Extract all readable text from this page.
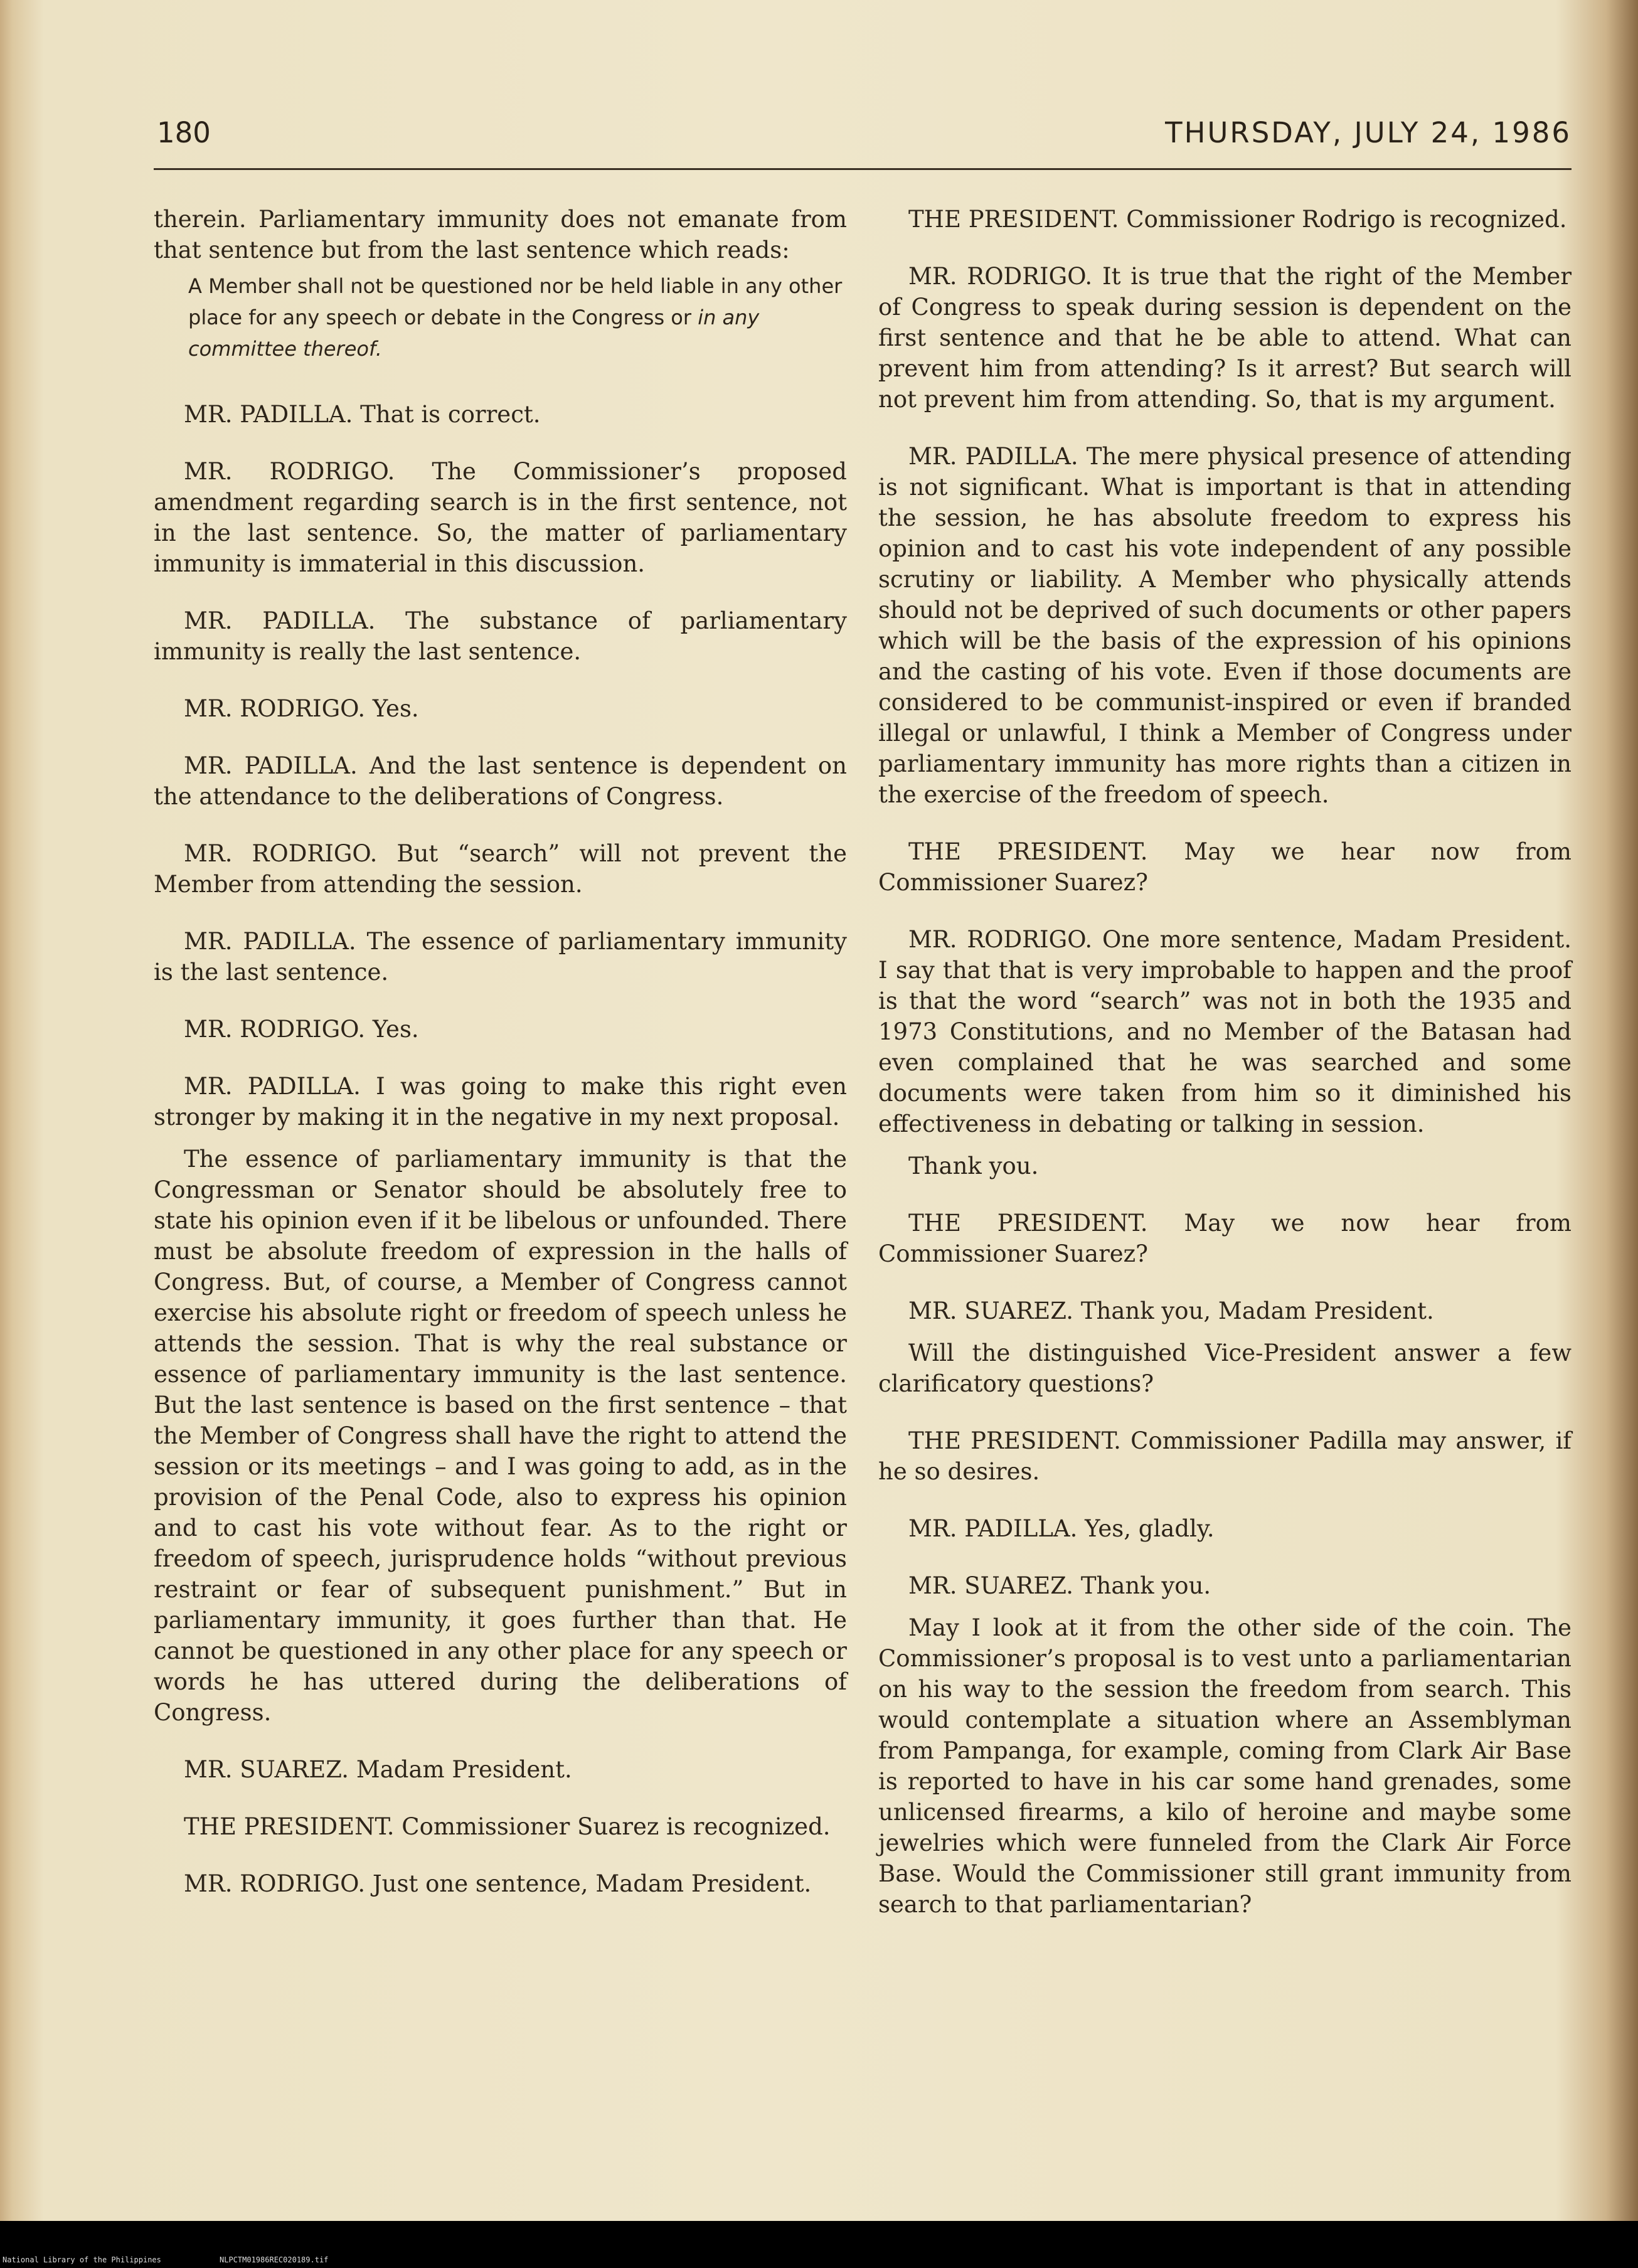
180	THURSDAY, JULY 24, 1986

therein. Parliamentary immunity does not emanate from that sentence but from the last sentence which reads:

A Member shall not be questioned nor be held liable in any other place for any speech or debate in the Congress or in any committee thereof.

MR. PADILLA. That is correct.

MR. RODRIGO. The Commissioner’s proposed amendment regarding search is in the first sentence, not in the last sentence. So, the matter of parliamentary immunity is immaterial in this discussion.

MR. PADILLA. The substance of parliamentary immunity is really the last sentence.

MR. RODRIGO. Yes.

MR. PADILLA. And the last sentence is dependent on the attendance to the deliberations of Congress.

MR. RODRIGO. But “search” will not prevent the Member from attending the session.

MR. PADILLA. The essence of parliamentary immunity is the last sentence.

MR. RODRIGO. Yes.

MR. PADILLA. I was going to make this right even stronger by making it in the negative in my next proposal.

The essence of parliamentary immunity is that the Congressman or Senator should be absolutely free to state his opinion even if it be libelous or unfounded. There must be absolute freedom of expression in the halls of Congress. But, of course, a Member of Congress cannot exercise his absolute right or freedom of speech unless he attends the session. That is why the real substance or essence of parliamentary immunity is the last sentence. But the last sentence is based on the first sentence – that the Member of Congress shall have the right to attend the session or its meetings – and I was going to add, as in the provision of the Penal Code, also to express his opinion and to cast his vote without fear. As to the right or freedom of speech, jurisprudence holds “without previous restraint or fear of subsequent punishment.” But in parliamentary immunity, it goes further than that. He cannot be questioned in any other place for any speech or words he has uttered during the deliberations of Congress.

MR. SUAREZ. Madam President.

THE PRESIDENT. Commissioner Suarez is recognized.

MR. RODRIGO. Just one sentence, Madam President.

THE PRESIDENT. Commissioner Rodrigo is recognized.

MR. RODRIGO. It is true that the right of the Member of Congress to speak during session is dependent on the first sentence and that he be able to attend. What can prevent him from attending? Is it arrest? But search will not prevent him from attending. So, that is my argument.

MR. PADILLA. The mere physical presence of attending is not significant. What is important is that in attending the session, he has absolute freedom to express his opinion and to cast his vote independent of any possible scrutiny or liability. A Member who physically attends should not be deprived of such documents or other papers which will be the basis of the expression of his opinions and the casting of his vote. Even if those documents are considered to be communist-inspired or even if branded illegal or unlawful, I think a Member of Congress under parliamentary immunity has more rights than a citizen in the exercise of the freedom of speech.

THE PRESIDENT. May we hear now from Commissioner Suarez?

MR. RODRIGO. One more sentence, Madam President. I say that that is very improbable to happen and the proof is that the word “search” was not in both the 1935 and 1973 Constitutions, and no Member of the Batasan had even complained that he was searched and some documents were taken from him so it diminished his effectiveness in debating or talking in session.

Thank you.

THE PRESIDENT. May we now hear from Commissioner Suarez?

MR. SUAREZ. Thank you, Madam President.

Will the distinguished Vice-President answer a few clarificatory questions?

THE PRESIDENT. Commissioner Padilla may answer, if he so desires.

MR. PADILLA. Yes, gladly.

MR. SUAREZ. Thank you.

May I look at it from the other side of the coin. The Commissioner’s proposal is to vest unto a parliamentarian on his way to the session the freedom from search. This would contemplate a situation where an Assemblyman from Pampanga, for example, coming from Clark Air Base is reported to have in his car some hand grenades, some unlicensed firearms, a kilo of heroine and maybe some jewelries which were funneled from the Clark Air Force Base. Would the Commissioner still grant immunity from search to that parliamentarian?

National Library of the Philippines	NLPCTM01986REC020189.tif
